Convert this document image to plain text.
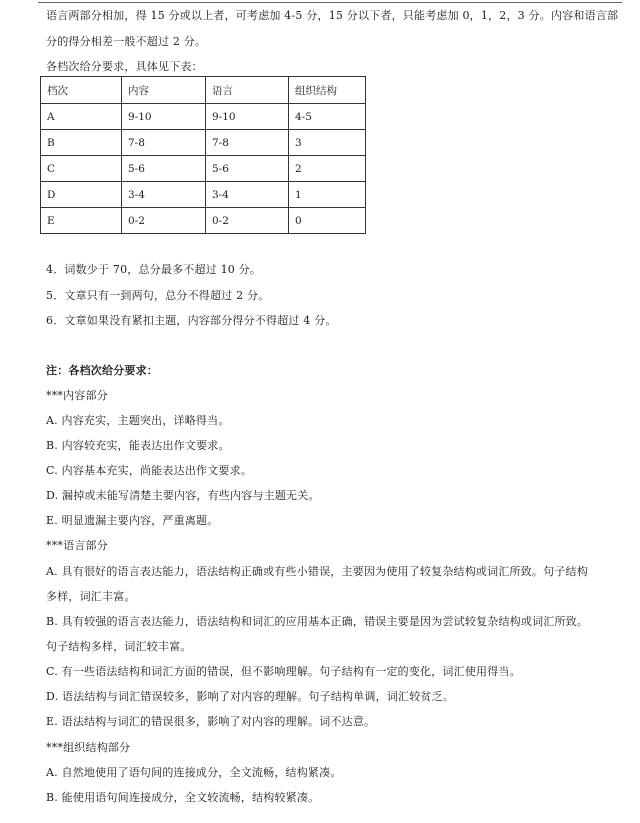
语言两部分相加，得 15 分或以上者，可考虑加 4-5 分，15 分以下者，只能考虑加 0，1，2，3 分。内容和语言部
分的得分相差一般不超过 2 分。
各档次给分要求，具体见下表：
档次	内容	语言	组织结构
A	9-10	9-10	4-5
B	7-8	7-8	3
C	5-6	5-6	2
D	3-4	3-4	1
E	0-2	0-2	0
4．词数少于 70，总分最多不超过 10 分。
5．文章只有一到两句，总分不得超过 2 分。
6．文章如果没有紧扣主题，内容部分得分不得超过 4 分。
注：各档次给分要求：
***内容部分
A. 内容充实，主题突出，详略得当。
B. 内容较充实，能表达出作文要求。
C. 内容基本充实，尚能表达出作文要求。
D. 漏掉或未能写清楚主要内容，有些内容与主题无关。
E. 明显遗漏主要内容，严重离题。
***语言部分
A. 具有很好的语言表达能力，语法结构正确或有些小错误，主要因为使用了较复杂结构或词汇所致。句子结构
多样，词汇丰富。
B. 具有较强的语言表达能力，语法结构和词汇的应用基本正确，错误主要是因为尝试较复杂结构或词汇所致。
句子结构多样，词汇较丰富。
C. 有一些语法结构和词汇方面的错误，但不影响理解。句子结构有一定的变化，词汇使用得当。
D. 语法结构与词汇错误较多，影响了对内容的理解。句子结构单调，词汇较贫乏。
E. 语法结构与词汇的错误很多，影响了对内容的理解。词不达意。
***组织结构部分
A. 自然地使用了语句间的连接成分，全文流畅，结构紧凑。
B. 能使用语句间连接成分，全文较流畅，结构较紧凑。
